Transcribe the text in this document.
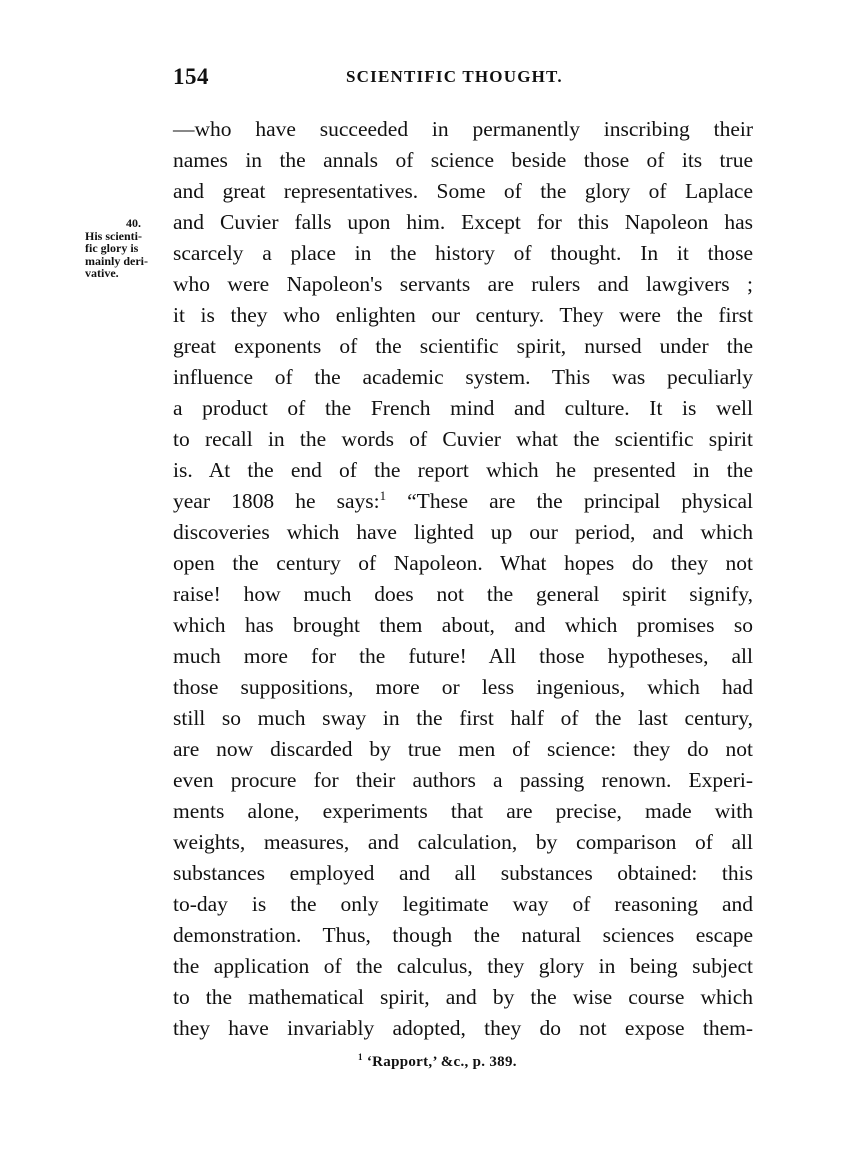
154	SCIENTIFIC THOUGHT.
40.
His scienti-
fic glory is
mainly deri-
vative.
—who have succeeded in permanently inscribing their
names in the annals of science beside those of its true
and great representatives. Some of the glory of Laplace
and Cuvier falls upon him. Except for this Napoleon has
scarcely a place in the history of thought. In it those
who were Napoleon's servants are rulers and lawgivers ;
it is they who enlighten our century. They were the first
great exponents of the scientific spirit, nursed under the
influence of the academic system. This was peculiarly
a product of the French mind and culture. It is well
to recall in the words of Cuvier what the scientific spirit
is. At the end of the report which he presented in the
year 1808 he says:$^1$ “These are the principal physical
discoveries which have lighted up our period, and which
open the century of Napoleon. What hopes do they not
raise! how much does not the general spirit signify,
which has brought them about, and which promises so
much more for the future! All those hypotheses, all
those suppositions, more or less ingenious, which had
still so much sway in the first half of the last century,
are now discarded by true men of science: they do not
even procure for their authors a passing renown. Experi-
ments alone, experiments that are precise, made with
weights, measures, and calculation, by comparison of all
substances employed and all substances obtained: this
to-day is the only legitimate way of reasoning and
demonstration. Thus, though the natural sciences escape
the application of the calculus, they glory in being subject
to the mathematical spirit, and by the wise course which
they have invariably adopted, they do not expose them-
$^1$ ‘Rapport,’ &c., p. 389.
